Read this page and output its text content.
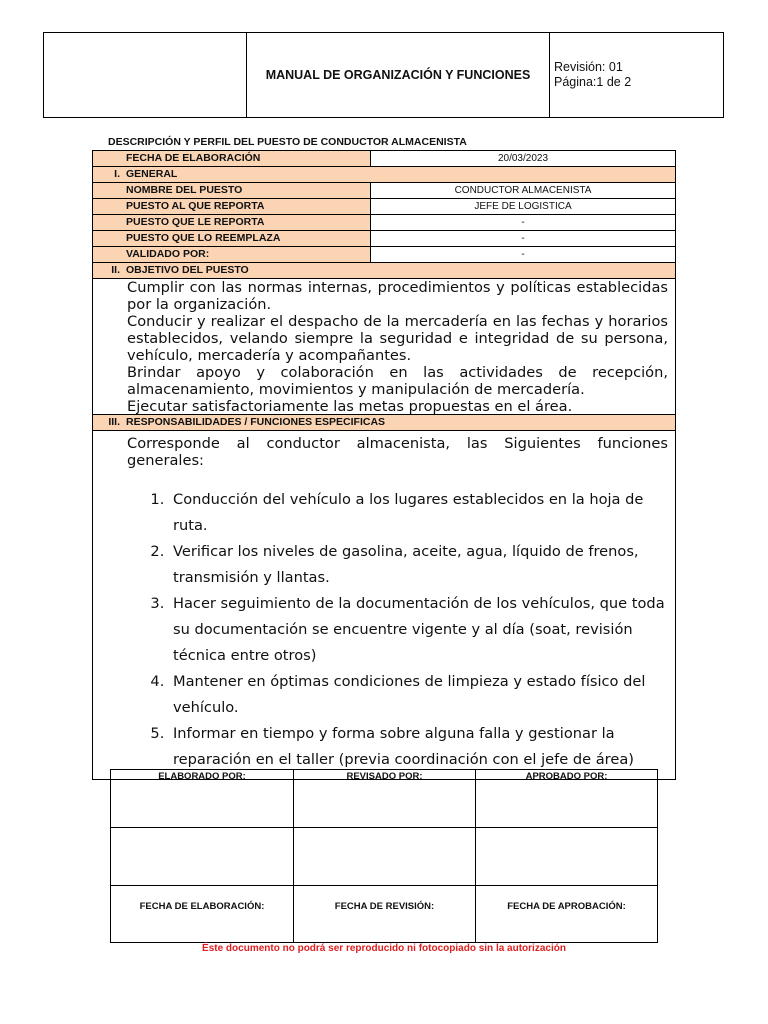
MANUAL DE ORGANIZACIÓN Y FUNCIONES
Revisión: 01
Página:1 de 2
DESCRIPCIÓN Y PERFIL DEL PUESTO DE CONDUCTOR ALMACENISTA
FECHA DE ELABORACIÓN	20/03/2023
I. GENERAL
NOMBRE DEL PUESTO	CONDUCTOR ALMACENISTA
PUESTO AL QUE REPORTA	JEFE DE LOGISTICA
PUESTO QUE LE REPORTA	-
PUESTO QUE LO REEMPLAZA	-
VALIDADO POR:	-
II. OBJETIVO DEL PUESTO

Cumplir con las normas internas, procedimientos y políticas establecidas por la organización.

Conducir y realizar el despacho de la mercadería en las fechas y horarios establecidos, velando siempre la seguridad e integridad de su persona, vehículo, mercadería y acompañantes.

Brindar apoyo y colaboración en las actividades de recepción, almacenamiento, movimientos y manipulación de mercadería.

Ejecutar satisfactoriamente las metas propuestas en el área.

III. RESPONSABILIDADES / FUNCIONES ESPECIFICAS

Corresponde al conductor almacenista, las Siguientes funciones generales:

1. Conducción del vehículo a los lugares establecidos en la hoja de ruta.
2. Verificar los niveles de gasolina, aceite, agua, líquido de frenos, transmisión y llantas.
3. Hacer seguimiento de la documentación de los vehículos, que toda su documentación se encuentre vigente y al día (soat, revisión técnica entre otros)
4. Mantener en óptimas condiciones de limpieza y estado físico del vehículo.
5. Informar en tiempo y forma sobre alguna falla y gestionar la reparación en el taller (previa coordinación con el jefe de área)
ELABORADO POR:	REVISADO POR:	APROBADO POR:
FECHA DE ELABORACIÓN:	FECHA DE REVISIÓN:	FECHA DE APROBACIÓN:
Éste documento no podrá ser reproducido ni fotocopiado sin la autorización
